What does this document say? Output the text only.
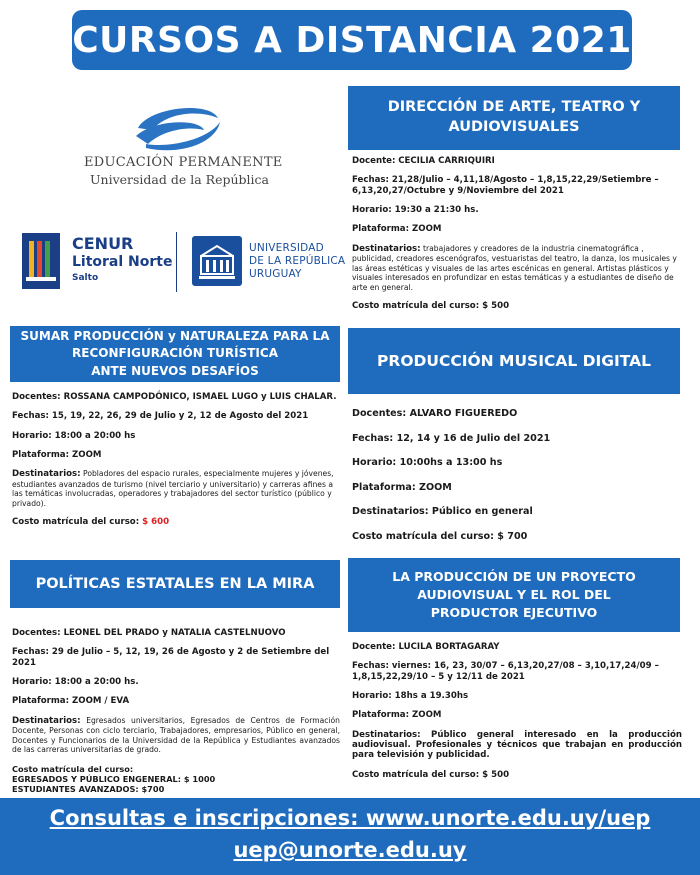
CURSOS A DISTANCIA 2021
EDUCACIÓN PERMANENTE
Universidad de la República
CENUR
Litoral Norte
Salto
UNIVERSIDAD
DE LA REPÚBLICA
URUGUAY
DIRECCIÓN DE ARTE, TEATRO Y AUDIOVISUALES

Docente: CECILIA CARRIQUIRI

Fechas: 21,28/Julio – 4,11,18/Agosto – 1,8,15,22,29/Setiembre – 6,13,20,27/Octubre y 9/Noviembre del 2021

Horario: 19:30 a 21:30 hs.

Plataforma: ZOOM

Destinatarios: trabajadores y creadores de la industria cinematográfica , publicidad, creadores escenógrafos, vestuaristas del teatro, la danza, los musicales y las áreas estéticas y visuales de las artes escénicas en general. Artistas plásticos y visuales interesados en profundizar en estas temáticas y a estudiantes de diseño de arte en general.

Costo matrícula del curso: $ 500

SUMAR PRODUCCIÓN y NATURALEZA PARA LA
RECONFIGURACIÓN TURÍSTICA
ANTE NUEVOS DESAFÍOS

Docentes: ROSSANA CAMPODÓNICO, ISMAEL LUGO y LUIS CHALAR.

Fechas: 15, 19, 22, 26, 29 de Julio y 2, 12 de Agosto del 2021

Horario: 18:00 a 20:00 hs

Plataforma: ZOOM

Destinatarios: Pobladores del espacio rurales, especialmente mujeres y jóvenes, estudiantes avanzados de turismo (nivel terciario y universitario) y carreras afines a las temáticas involucradas, operadores y trabajadores del sector turístico (público y privado).

Costo matrícula del curso: $ 600

PRODUCCIÓN MUSICAL DIGITAL

Docentes: ALVARO FIGUEREDO

Fechas: 12, 14 y 16 de Julio del 2021

Horario: 10:00hs a 13:00 hs

Plataforma: ZOOM

Destinatarios: Público en general

Costo matrícula del curso: $ 700

POLÍTICAS ESTATALES EN LA MIRA

Docentes: LEONEL DEL PRADO y NATALIA CASTELNUOVO

Fechas: 29 de Julio – 5, 12, 19, 26 de Agosto y 2 de Setiembre del 2021

Horario: 18:00 a 20:00 hs.

Plataforma: ZOOM / EVA

Destinatarios: Egresados universitarios, Egresados de Centros de Formación Docente, Personas con ciclo terciario, Trabajadores, empresarios, Público en general, Docentes y Funcionarios de la Universidad de la República y Estudiantes avanzados de las carreras universitarias de grado.

Costo matrícula del curso:
EGRESADOS Y PÚBLICO ENGENERAL: $ 1000
ESTUDIANTES AVANZADOS: $700

LA PRODUCCIÓN DE UN PROYECTO
AUDIOVISUAL Y EL ROL DEL
PRODUCTOR EJECUTIVO

Docente: LUCILA BORTAGARAY

Fechas: viernes: 16, 23, 30/07 – 6,13,20,27/08 – 3,10,17,24/09 – 1,8,15,22,29/10 – 5 y 12/11 de 2021

Horario: 18hs a 19.30hs

Plataforma: ZOOM

Destinatarios: Público general interesado en la producción audiovisual. Profesionales y técnicos que trabajan en producción para televisión y publicidad.

Costo matrícula del curso: $ 500

Consultas e inscripciones: www.unorte.edu.uy/uep
uep@unorte.edu.uy
